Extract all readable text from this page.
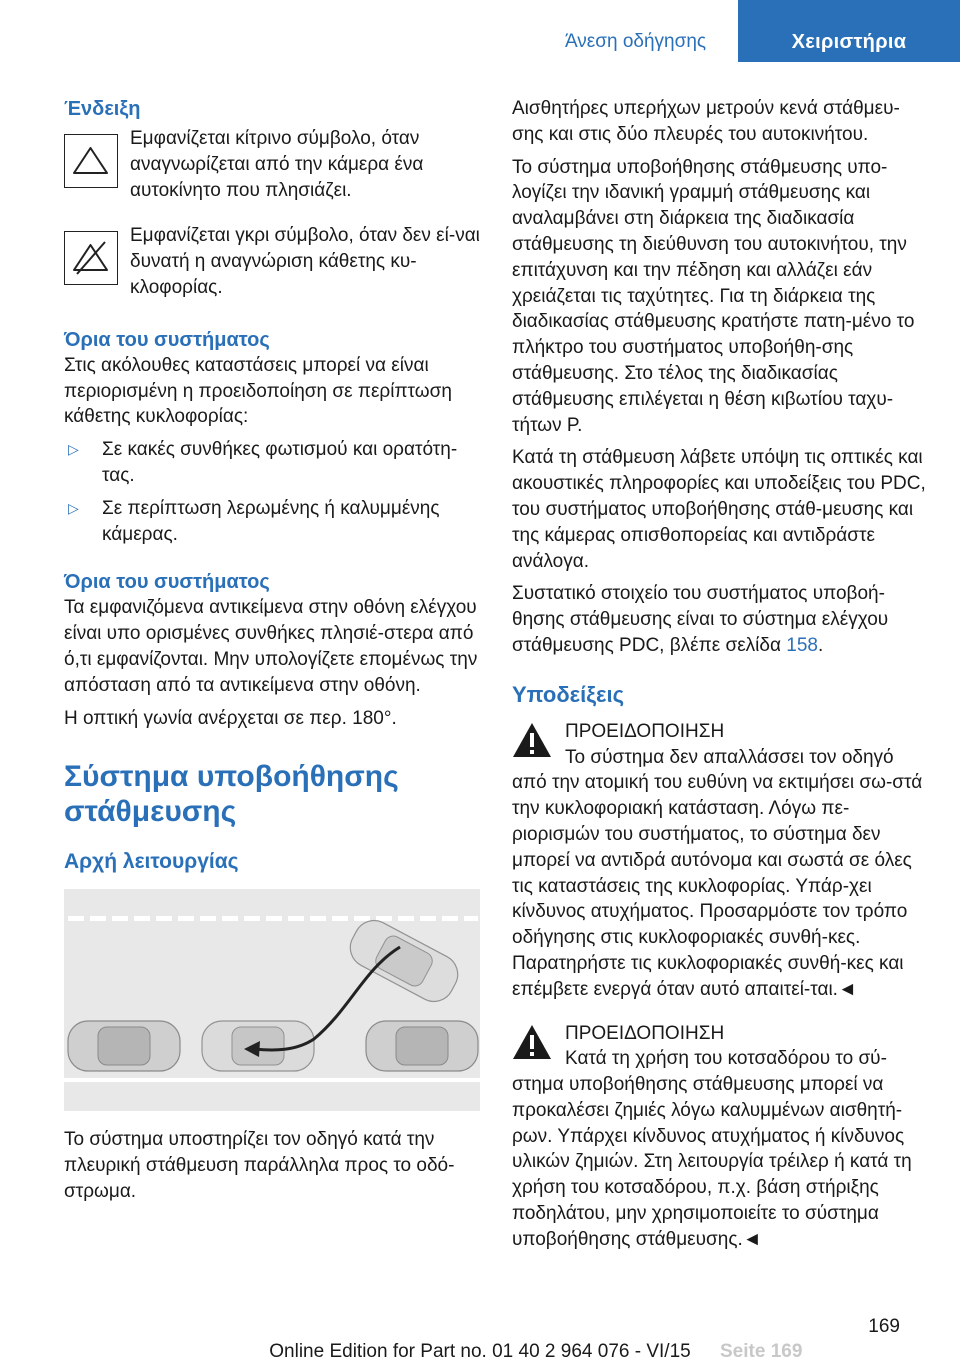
Άνεση οδήγησης	Χειριστήρια
Ένδειξη

Εμφανίζεται κίτρινο σύμβολο, όταν αναγνωρίζεται από την κάμερα ένα αυτοκίνητο που πλησιάζει.

Εμφανίζεται γκρι σύμβολο, όταν δεν εί-ναι δυνατή η αναγνώριση κάθετης κυ-κλοφορίας.

Όρια του συστήματος

Στις ακόλουθες καταστάσεις μπορεί να είναι περιορισμένη η προειδοποίηση σε περίπτωση κάθετης κυκλοφορίας:

▷	Σε κακές συνθήκες φωτισμού και ορατότη-τας.

▷	Σε περίπτωση λερωμένης ή καλυμμένης κάμερας.

Όρια του συστήματος

Τα εμφανιζόμενα αντικείμενα στην οθόνη ελέγχου είναι υπο ορισμένες συνθήκες πλησιέ-στερα από ό,τι εμφανίζονται. Μην υπολογίζετε επομένως την απόσταση από τα αντικείμενα στην οθόνη.

Η οπτική γωνία ανέρχεται σε περ. 180°.

Σύστημα υποβοήθησης στάθμευσης
Αρχή λειτουργίας

Το σύστημα υποστηρίζει τον οδηγό κατά την πλευρική στάθμευση παράλληλα προς το οδό-στρωμα.

Αισθητήρες υπερήχων μετρούν κενά στάθμευ-σης και στις δύο πλευρές του αυτοκινήτου.

Το σύστημα υποβοήθησης στάθμευσης υπο-λογίζει την ιδανική γραμμή στάθμευσης και αναλαμβάνει στη διάρκεια της διαδικασία στάθμευσης τη διεύθυνση του αυτοκινήτου, την επιτάχυνση και την πέδηση και αλλάζει εάν χρειάζεται τις ταχύτητες. Για τη διάρκεια της διαδικασίας στάθμευσης κρατήστε πατη-μένο το πλήκτρο του συστήματος υποβοήθη-σης στάθμευσης. Στο τέλος της διαδικασίας στάθμευσης επιλέγεται η θέση κιβωτίου ταχυ-τήτων P.

Κατά τη στάθμευση λάβετε υπόψη τις οπτικές και ακουστικές πληροφορίες και υποδείξεις του PDC, του συστήματος υποβοήθησης στάθ-μευσης και της κάμερας οπισθοπορείας και αντιδράστε ανάλογα.

Συστατικό στοιχείο του συστήματος υποβοή-θησης στάθμευσης είναι το σύστημα ελέγχου στάθμευσης PDC, βλέπε σελίδα 158.

Υποδείξεις

ΠΡΟΕΙΔΟΠΟΙΗΣΗ

Το σύστημα δεν απαλλάσσει τον οδηγό από την ατομική του ευθύνη να εκτιμήσει σω-στά την κυκλοφοριακή κατάσταση. Λόγω πε-ριορισμών του συστήματος, το σύστημα δεν μπορεί να αντιδρά αυτόνομα και σωστά σε όλες τις καταστάσεις της κυκλοφορίας. Υπάρ-χει κίνδυνος ατυχήματος. Προσαρμόστε τον τρόπο οδήγησης στις κυκλοφοριακές συνθή-κες. Παρατηρήστε τις κυκλοφοριακές συνθή-κες και επέμβετε ενεργά όταν αυτό απαιτεί-ται.◄

ΠΡΟΕΙΔΟΠΟΙΗΣΗ

Κατά τη χρήση του κοτσαδόρου το σύ-στημα υποβοήθησης στάθμευσης μπορεί να προκαλέσει ζημιές λόγω καλυμμένων αισθητή-ρων. Υπάρχει κίνδυνος ατυχήματος ή κίνδυνος υλικών ζημιών. Στη λειτουργία τρέιλερ ή κατά τη χρήση του κοτσαδόρου, π.χ. βάση στήριξης ποδηλάτου, μην χρησιμοποιείτε το σύστημα υποβοήθησης στάθμευσης.◄

169
Seite 169
Online Edition for Part no. 01 40 2 964 076 - VI/15
